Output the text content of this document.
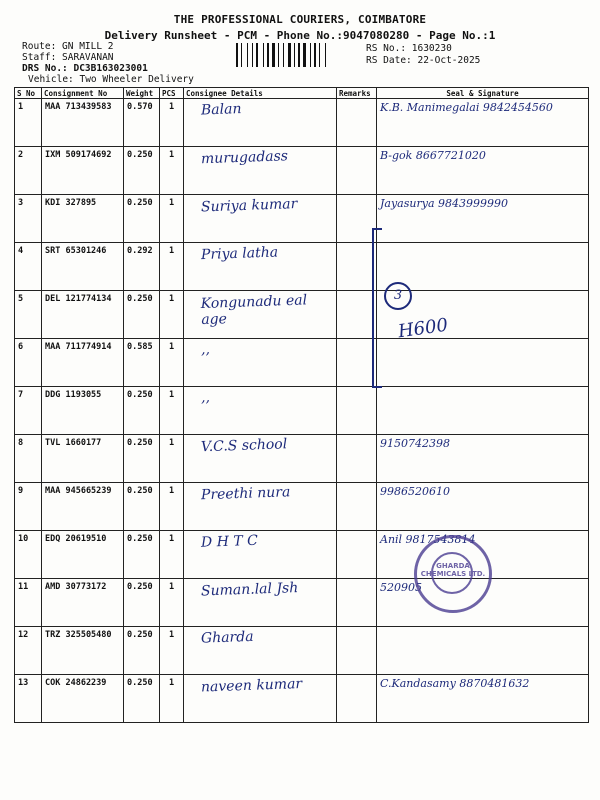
THE PROFESSIONAL COURIERS, COIMBATORE
Delivery Runsheet - PCM - Phone No.:9047080280 - Page No.:1
Route: GN MILL 2
Staff: SARAVANAN
DRS No.: DC3B163023001
Vehicle: Two Wheeler Delivery
RS No.: 1630230
RS Date: 22-Oct-2025
S No	Consignment No	Weight	PCS	Consignee Details	Remarks	Seal & Signature
1	MAA 713439583	0.570	1	Balan		K.B. Manimegalai 9842454560

2	IXM 509174692	0.250	1	murugadass		B-gok 8667721020

3	KDI 327895	0.250	1	Suriya kumar		Jayasurya 9843999990

4	SRT 65301246	0.292	1	Priya latha		

5	DEL 121774134	0.250	1	Kongunadu eal age		

6	MAA 711774914	0.585	1	,,		

7	DDG 1193055	0.250	1	,,		

8	TVL 1660177	0.250	1	V.C.S school		9150742398

9	MAA 945665239	0.250	1	Preethi nura		9986520610

10	EDQ 20619510	0.250	1	D H T C		Anil 9817543814

11	AMD 30773172	0.250	1	Suman.lal Jsh		520905

12	TRZ 325505480	0.250	1	Gharda		

13	COK 24862239	0.250	1	naveen kumar		C.Kandasamy 8870481632
3
H600
GHARDA CHEMICALS LTD.
